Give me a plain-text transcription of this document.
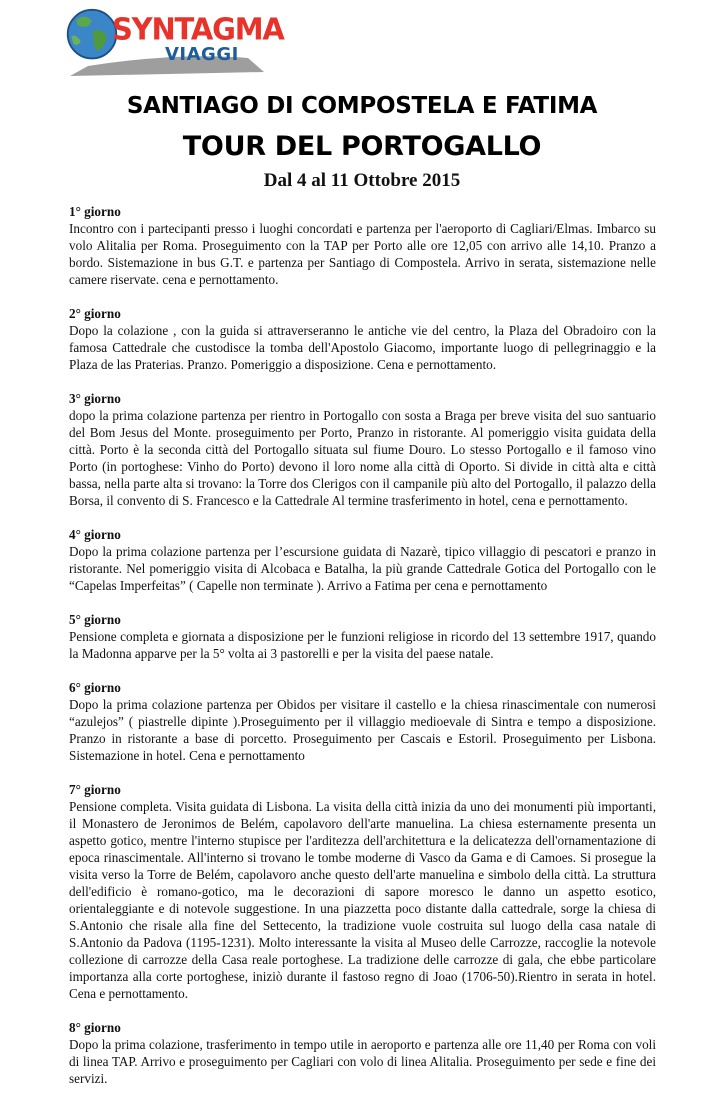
SYNTAGMA
VIAGGI
SANTIAGO DI COMPOSTELA E FATIMA
TOUR DEL PORTOGALLO
Dal 4 al 11 Ottobre 2015
1° giorno
Incontro con i partecipanti presso i luoghi concordati e partenza per l'aeroporto di Cagliari/Elmas. Imbarco su volo Alitalia per Roma. Proseguimento con la TAP per Porto alle ore 12,05 con arrivo alle 14,10. Pranzo a bordo. Sistemazione in bus G.T. e partenza per Santiago di Compostela. Arrivo in serata, sistemazione nelle camere riservate. cena e pernottamento.
2° giorno
Dopo la colazione , con la guida si attraverseranno le antiche vie del centro, la Plaza del Obradoiro con la famosa Cattedrale che custodisce la tomba dell'Apostolo Giacomo, importante luogo di pellegrinaggio e la Plaza de las Praterias. Pranzo. Pomeriggio a disposizione. Cena e pernottamento.
3° giorno
dopo la prima colazione partenza per rientro in Portogallo con sosta a Braga per breve visita del suo santuario del Bom Jesus del Monte. proseguimento per Porto, Pranzo in ristorante. Al pomeriggio visita guidata della città. Porto è la seconda città del Portogallo situata sul fiume Douro. Lo stesso Portogallo e il famoso vino Porto (in portoghese: Vinho do Porto) devono il loro nome alla città di Oporto. Si divide in città alta e città bassa, nella parte alta si trovano: la Torre dos Clerigos con il campanile più alto del Portogallo, il palazzo della Borsa, il convento di S. Francesco e la Cattedrale Al termine trasferimento in hotel, cena e pernottamento.
4° giorno
Dopo la prima colazione partenza per l’escursione guidata di Nazarè, tipico villaggio di pescatori e pranzo in ristorante. Nel pomeriggio visita di Alcobaca e Batalha, la più grande Cattedrale Gotica del Portogallo con le “Capelas Imperfeitas” ( Capelle non terminate ). Arrivo a Fatima per cena e pernottamento
5° giorno
Pensione completa e giornata a disposizione per le funzioni religiose in ricordo del 13 settembre 1917, quando la Madonna apparve per la 5° volta ai 3 pastorelli e per la visita del paese natale.
6° giorno
Dopo la prima colazione partenza per Obidos per visitare il castello e la chiesa rinascimentale con numerosi “azulejos” ( piastrelle dipinte ).Proseguimento per il villaggio medioevale di Sintra e tempo a disposizione. Pranzo in ristorante a base di porcetto. Proseguimento per Cascais e Estoril. Proseguimento per Lisbona. Sistemazione in hotel. Cena e pernottamento
7° giorno
Pensione completa. Visita guidata di Lisbona. La visita della città inizia da uno dei monumenti più importanti, il Monastero de Jeronimos de Belém, capolavoro dell'arte manuelina. La chiesa esternamente presenta un aspetto gotico, mentre l'interno stupisce per l'arditezza dell'architettura e la delicatezza dell'ornamentazione di epoca rinascimentale. All'interno si trovano le tombe moderne di Vasco da Gama e di Camoes. Si prosegue la visita verso la Torre de Belém, capolavoro anche questo dell'arte manuelina e simbolo della città. La struttura dell'edificio è romano-gotico, ma le decorazioni di sapore moresco le danno un aspetto esotico, orientaleggiante e di notevole suggestione. In una piazzetta poco distante dalla cattedrale, sorge la chiesa di S.Antonio che risale alla fine del Settecento, la tradizione vuole costruita sul luogo della casa natale di S.Antonio da Padova (1195-1231). Molto interessante la visita al Museo delle Carrozze, raccoglie la notevole collezione di carrozze della Casa reale portoghese. La tradizione delle carrozze di gala, che ebbe particolare importanza alla corte portoghese, iniziò durante il fastoso regno di Joao (1706-50).Rientro in serata in hotel. Cena e pernottamento.
8° giorno
Dopo la prima colazione, trasferimento in tempo utile in aeroporto e partenza alle ore 11,40 per Roma con voli di linea TAP. Arrivo e proseguimento per Cagliari con volo di linea Alitalia. Proseguimento per sede e fine dei servizi.
